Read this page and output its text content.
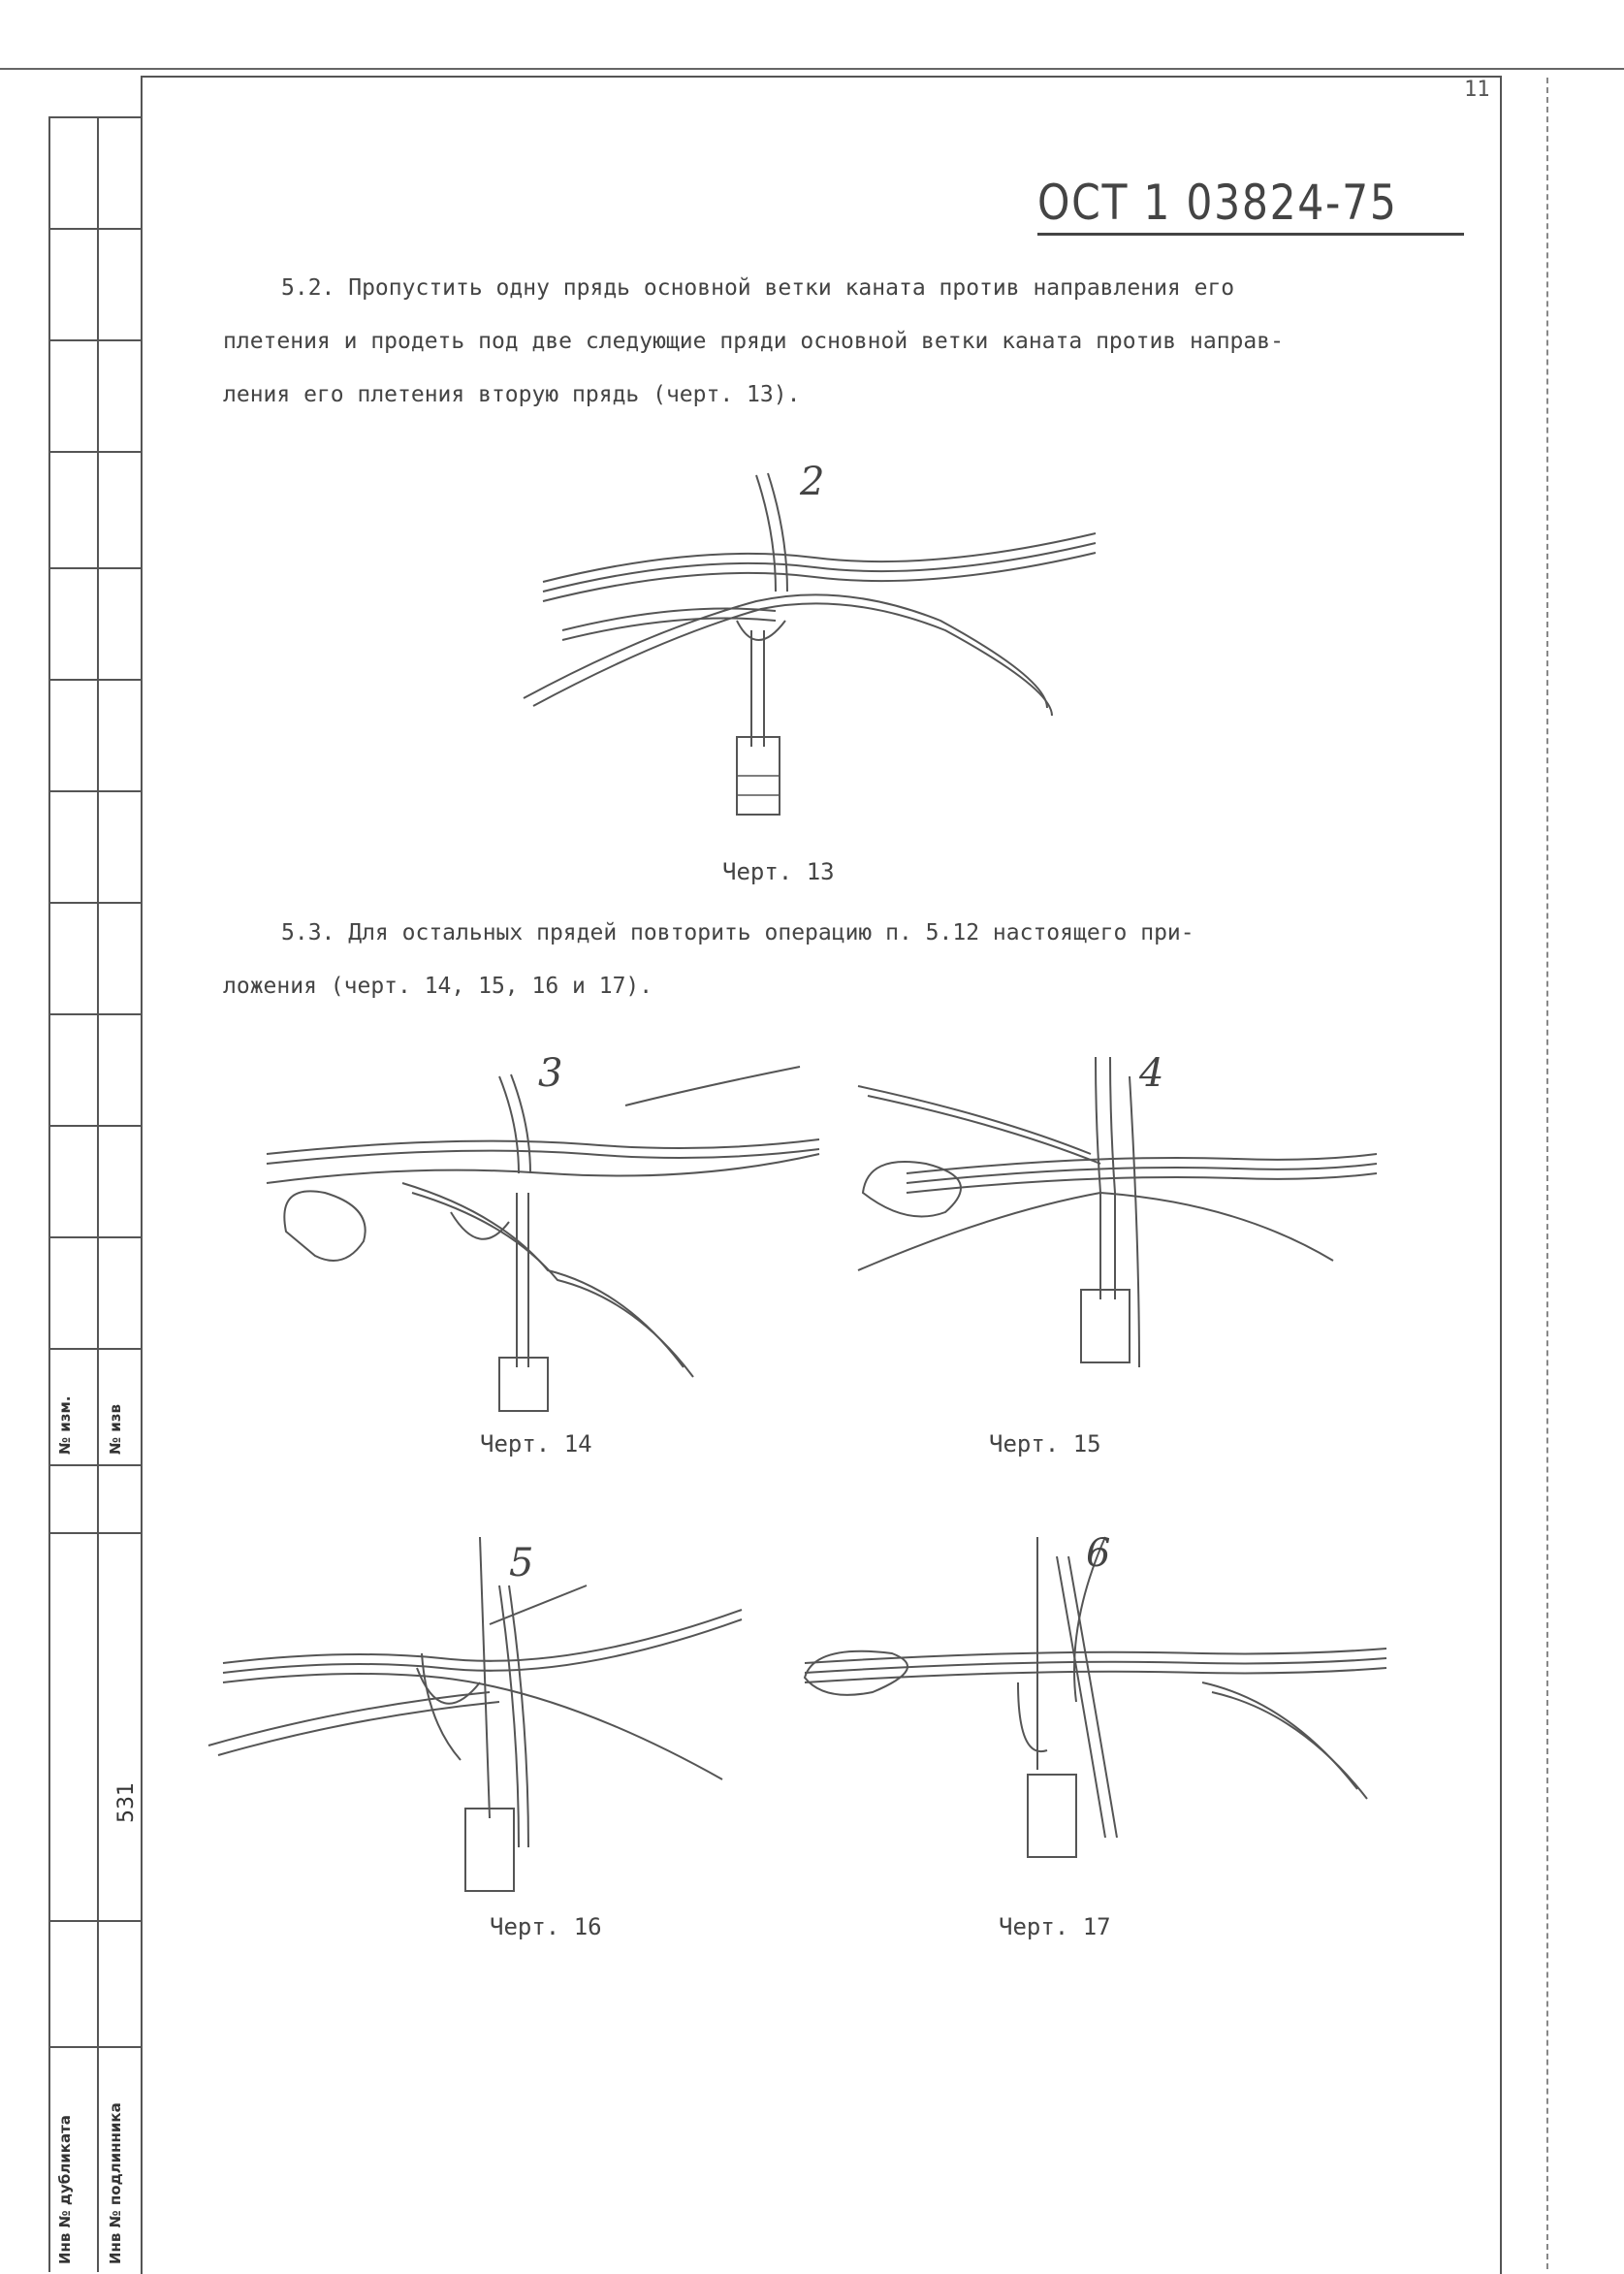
11
№ изм. № изв
531
Инв № дубликата Инв № подлинника
ОСТ 1 03824-75
5.2. Пропустить одну прядь основной ветки каната против направления его
плетения и продеть под две следующие пряди основной ветки каната против направ-
ления его плетения вторую прядь (черт. 13).
2
Черт. 13
5.3. Для остальных прядей повторить операцию п. 5.12 настоящего при-
ложения (черт. 14, 15, 16 и 17).
3
Черт. 14
4
Черт. 15
5
Черт. 16
6
Черт. 17
